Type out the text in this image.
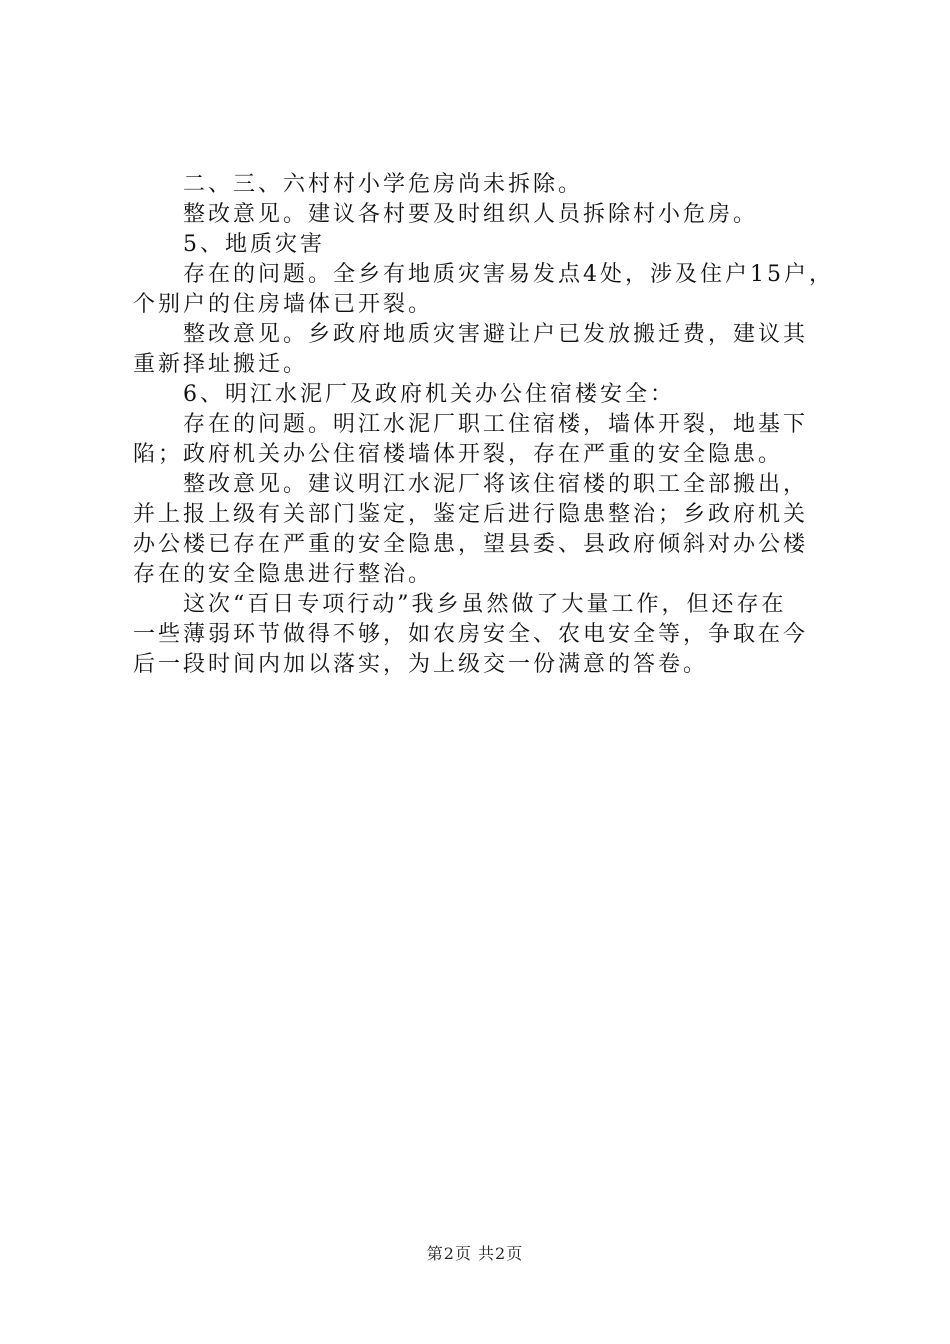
　　二、三、六村村小学危房尚未拆除。
　　整改意见。建议各村要及时组织人员拆除村小危房。
　　5、地质灾害
　　存在的问题。全乡有地质灾害易发点4处，涉及住户15户，
个别户的住房墙体已开裂。
　　整改意见。乡政府地质灾害避让户已发放搬迁费，建议其
重新择址搬迁。
　　6、明江水泥厂及政府机关办公住宿楼安全：
　　存在的问题。明江水泥厂职工住宿楼，墙体开裂，地基下
陷；政府机关办公住宿楼墙体开裂，存在严重的安全隐患。
　　整改意见。建议明江水泥厂将该住宿楼的职工全部搬出，
并上报上级有关部门鉴定，鉴定后进行隐患整治；乡政府机关
办公楼已存在严重的安全隐患，望县委、县政府倾斜对办公楼
存在的安全隐患进行整治。
　　这次“百日专项行动”我乡虽然做了大量工作，但还存在
一些薄弱环节做得不够，如农房安全、农电安全等，争取在今
后一段时间内加以落实，为上级交一份满意的答卷。
第2页 共2页
